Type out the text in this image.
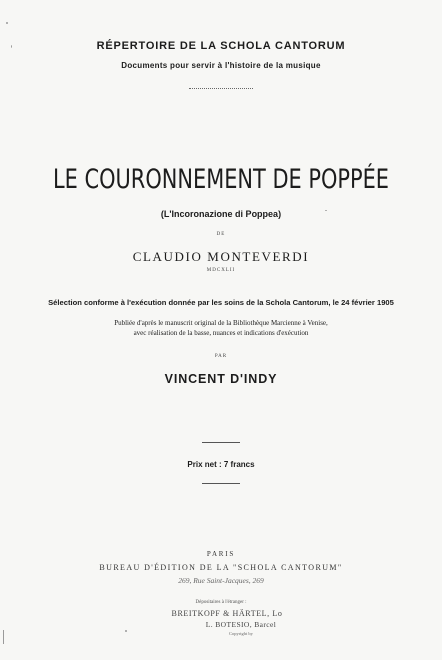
RÉPERTOIRE DE LA SCHOLA CANTORUM
Documents pour servir à l'histoire de la musique
LE COURONNEMENT DE POPPÉE
(L'Incoronazione di Poppea)
DE
CLAUDIO MONTEVERDI
MDCXLII
Sélection conforme à l'exécution donnée par les soins de la Schola Cantorum, le 24 février 1905
Publiée d'après le manuscrit original de la Bibliothèque Marcienne à Venise,
avec réalisation de la basse, nuances et indications d'exécution
PAR
VINCENT D'INDY
Prix net : 7 francs
PARIS
BUREAU D'ÉDITION DE LA "SCHOLA CANTORUM"
269, Rue Saint-Jacques, 269
Dépositaires à l'étranger :
BREITKOPF & HÄRTEL, Lo
L. BOTESIO, Barcel
Copyright by
